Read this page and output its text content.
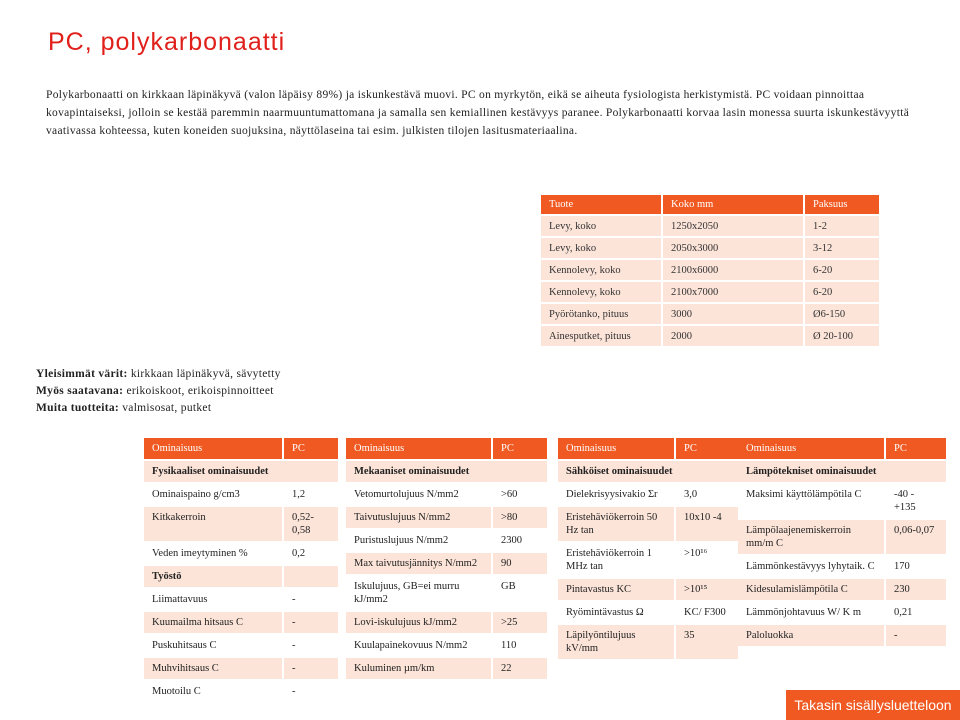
PC, polykarbonaatti

Polykarbonaatti on kirkkaan läpinäkyvä (valon läpäisy 89%) ja iskunkestävä muovi. PC on myrkytön, eikä se aiheuta fysiologista herkistymistä. PC voidaan pinnoittaa kovapintaiseksi, jolloin se kestää paremmin naarmuuntumattomana ja samalla sen kemiallinen kestävyys paranee. Polykarbonaatti korvaa lasin monessa suurta iskunkestävyyttä vaativassa kohteessa, kuten koneiden suojuksina, näyttölaseina tai esim. julkisten tilojen lasitusmateriaalina.

Tuote	Koko mm	Paksuus
Levy, koko	1250x2050	1-2
Levy, koko	2050x3000	3-12
Kennolevy, koko	2100x6000	6-20
Kennolevy, koko	2100x7000	6-20
Pyörötanko, pituus	3000	Ø6-150
Ainesputket, pituus	2000	Ø 20-100
Yleisimmät värit: kirkkaan läpinäkyvä, sävytetty
Myös saatavana: erikoiskoot, erikoispinnoitteet
Muita tuotteita: valmisosat, putket
Ominaisuus	PC
Fysikaaliset ominaisuudet	
Ominaispaino g/cm3	1,2
Kitkakerroin	0,52-0,58
Veden imeytyminen %	0,2
Työstö	
Liimattavuus	-
Kuumailma hitsaus C	-
Puskuhitsaus C	-
Muhvihitsaus C	-
Muotoilu C	-
Ominaisuus	PC
Mekaaniset ominaisuudet	
Vetomurtolujuus N/mm2	>60
Taivutuslujuus N/mm2	>80
Puristuslujuus N/mm2	2300
Max taivutusjännitys N/mm2	90
Iskulujuus, GB=ei murru kJ/mm2	GB
Lovi-iskulujuus kJ/mm2	>25
Kuulapainekovuus N/mm2	110
Kuluminen µm/km	22
Ominaisuus	PC
Sähköiset ominaisuudet	
Dielekrisyysivakio Σr	3,0
Eristehäviökerroin 50 Hz tan	10x10 -4
Eristehäviökerroin 1 MHz tan	>10¹⁶
Pintavastus KC	>10¹⁵
Ryömintävastus Ω	KC/ F300
Läpilyöntilujuus kV/mm	35
Ominaisuus	PC
Lämpötekniset ominaisuudet	
Maksimi käyttölämpötila C	-40 - +135
Lämpölaajenemiskerroin mm/m C	0,06-0,07
Lämmönkestävyys lyhytaik. C	170
Kidesulamislämpötila C	230
Lämmönjohtavuus W/ K m	0,21
Paloluokka	-
Takasin sisällysluetteloon
